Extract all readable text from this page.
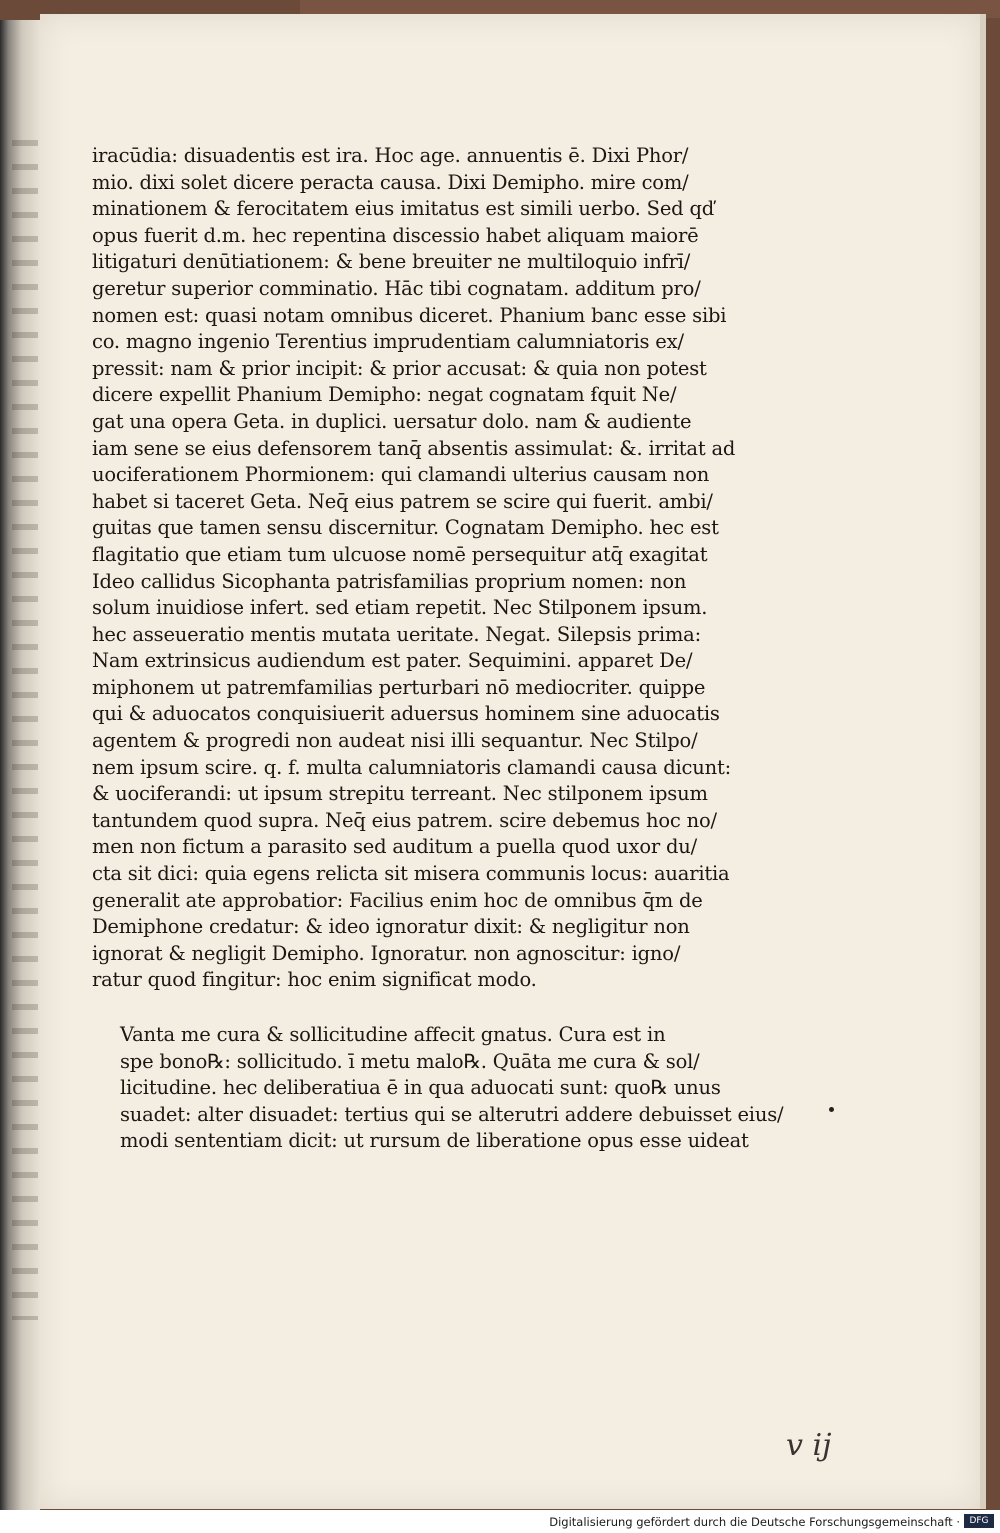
iracūdia: disuadentis est ira. Hoc age. annuentis ē. Dixi Phor/
mio. dixi solet dicere peracta causa. Dixi Demipho. mire com/
minationem & ferocitatem eius imitatus est simili uerbo. Sed qď
opus fuerit d.m. hec repentina discessio habet aliquam maiorē
litigaturi denūtiationem: & bene breuiter ne multiloquio infrī/
geretur superior comminatio. Hāc tibi cognatam. additum pro/
nomen est: quasi notam omnibus diceret. Phanium banc esse sibi
co. magno ingenio Terentius imprudentiam calumniatoris ex/
pressit: nam & prior incipit: & prior accusat: & quia non potest
dicere expellit Phanium Demipho: negat cognatam ẜquit Ne/
gat una opera Geta. in duplici. uersatur dolo. nam & audiente
iam sene se eius defensorem tanq̄ absentis assimulat: &. irritat ad
uociferationem Phormionem: qui clamandi ulterius causam non
habet si taceret Geta. Neq̄ eius patrem se scire qui fuerit. ambi/
guitas que tamen sensu discernitur. Cognatam Demipho. hec est
flagitatio que etiam tum ulcuose nomē persequitur atq̄ exagitat
Ideo callidus Sicophanta patrisfamilias proprium nomen: non
solum inuidiose infert. sed etiam repetit. Nec Stilponem ipsum.
hec asseueratio mentis mutata ueritate. Negat. Silepsis prima:
Nam extrinsicus audiendum est pater. Sequimini. apparet De/
miphonem ut patremfamilias perturbari nō mediocriter. quippe
qui & aduocatos conquisiuerit aduersus hominem sine aduocatis
agentem & progredi non audeat nisi illi sequantur. Nec Stilpo/
nem ipsum scire. q. f. multa calumniatoris clamandi causa dicunt:
& uociferandi: ut ipsum strepitu terreant. Nec stilponem ipsum
tantundem quod supra. Neq̄ eius patrem. scire debemus hoc no/
men non fictum a parasito sed auditum a puella quod uxor du/
cta sit dici: quia egens relicta sit misera communis locus: auaritia
generalit ate approbatior: Facilius enim hoc de omnibus q̄m de
Demiphone credatur: & ideo ignoratur dixit: & negligitur non
ignorat & negligit Demipho. Ignoratur. non agnoscitur: igno/
ratur quod fingitur: hoc enim significat modo.
Vanta me cura & sollicitudine affecit gnatus. Cura est in
spe bono℞: sollicitudo. ī metu malo℞. Quāta me cura & sol/
licitudine. hec deliberatiua ē in qua aduocati sunt: quo℞ unus
suadet: alter disuadet: tertius qui se alterutri addere debuisset eius/
modi sententiam dicit: ut rursum de liberatione opus esse uideat
v ij
Digitalisierung gefördert durch die Deutsche Forschungsgemeinschaft ·	DFG
